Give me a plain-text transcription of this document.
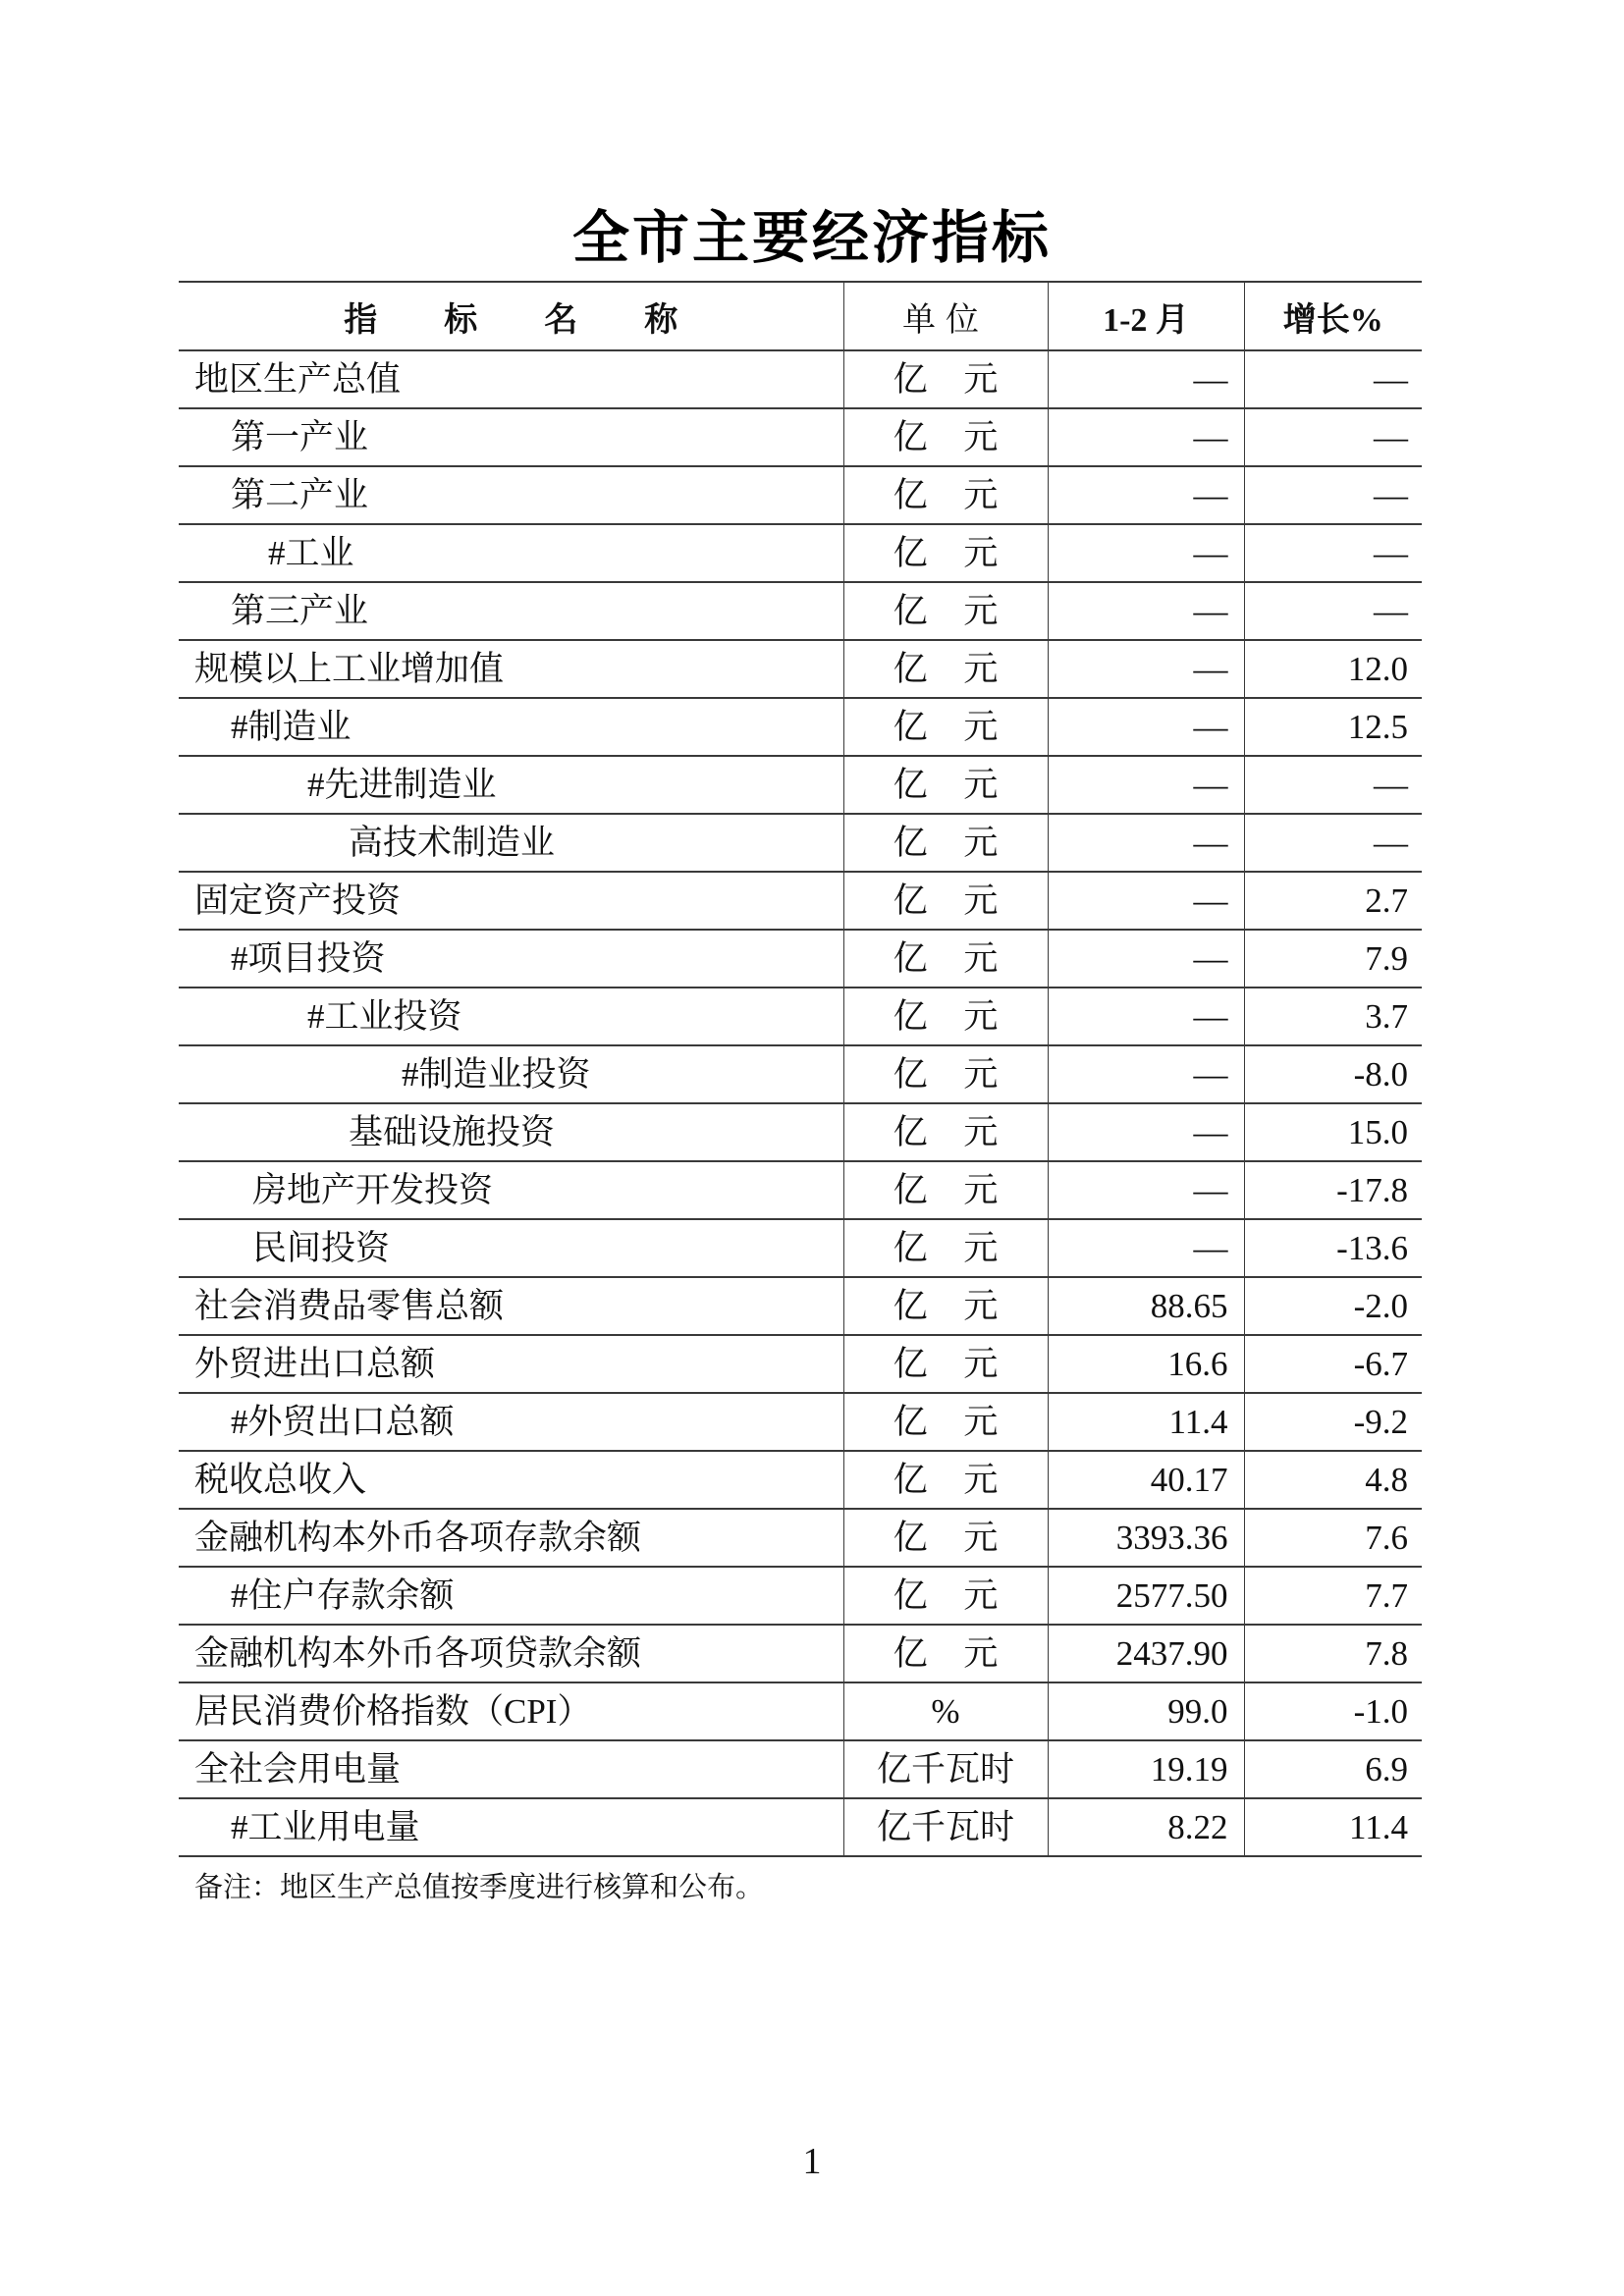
全市主要经济指标
指 标 名 称	单位	1-2 月	增长%
地区生产总值	亿 元	—	—
第一产业	亿 元	—	—
第二产业	亿 元	—	—
#工业	亿 元	—	—
第三产业	亿 元	—	—
规模以上工业增加值	亿 元	—	12.0
#制造业	亿 元	—	12.5
#先进制造业	亿 元	—	—
高技术制造业	亿 元	—	—
固定资产投资	亿 元	—	2.7
#项目投资	亿 元	—	7.9
#工业投资	亿 元	—	3.7
#制造业投资	亿 元	—	-8.0
基础设施投资	亿 元	—	15.0
房地产开发投资	亿 元	—	-17.8
民间投资	亿 元	—	-13.6
社会消费品零售总额	亿 元	88.65	-2.0
外贸进出口总额	亿 元	16.6	-6.7
#外贸出口总额	亿 元	11.4	-9.2
税收总收入	亿 元	40.17	4.8
金融机构本外币各项存款余额	亿 元	3393.36	7.6
#住户存款余额	亿 元	2577.50	7.7
金融机构本外币各项贷款余额	亿 元	2437.90	7.8
居民消费价格指数（CPI）	%	99.0	-1.0
全社会用电量	亿千瓦时	19.19	6.9
#工业用电量	亿千瓦时	8.22	11.4
备注：地区生产总值按季度进行核算和公布。
1
